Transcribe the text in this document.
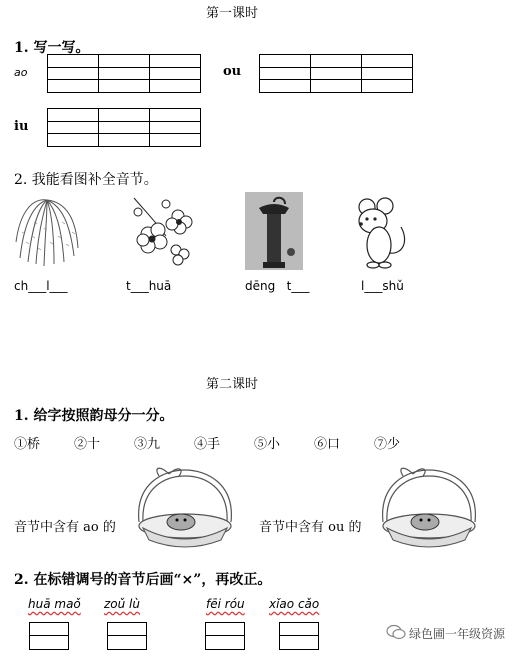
第一课时
1. 写一写。
ao

			ou

iu

2. 我能看图补全音节。
ch___l___	t___huā	dēng   t___	l___shǔ
第二课时
1. 给字按照韵母分一分。
①桥	②十	③九	④手	⑤小	⑥口	⑦少
音节中含有 ao 的	音节中含有 ou 的
2. 在标错调号的音节后画“×”，再改正。
huā maǒ zoǔ lù	fēi róu xǐao cǎo
绿色圃一年级资源
